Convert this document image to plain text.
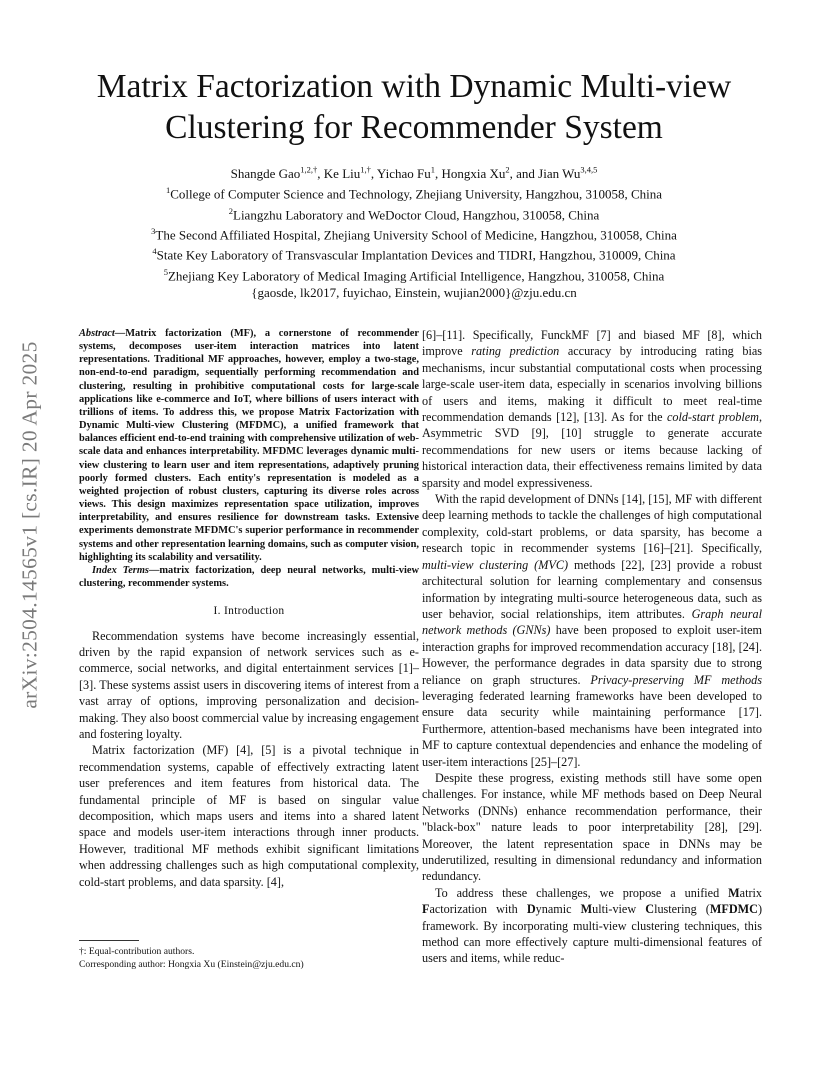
arXiv:2504.14565v1 [cs.IR] 20 Apr 2025
Matrix Factorization with Dynamic Multi-view
Clustering for Recommender System
Shangde Gao$^{1,2,\dagger}$, Ke Liu$^{1,\dagger}$, Yichao Fu$^1$, Hongxia Xu$^2$, and Jian Wu$^{3,4,5}$
$^1$College of Computer Science and Technology, Zhejiang University, Hangzhou, 310058, China
$^2$Liangzhu Laboratory and WeDoctor Cloud, Hangzhou, 310058, China
$^3$The Second Affiliated Hospital, Zhejiang University School of Medicine, Hangzhou, 310058, China
$^4$State Key Laboratory of Transvascular Implantation Devices and TIDRI, Hangzhou, 310009, China
$^5$Zhejiang Key Laboratory of Medical Imaging Artificial Intelligence, Hangzhou, 310058, China
{gaosde, lk2017, fuyichao, Einstein, wujian2000}@zju.edu.cn

Abstract—Matrix factorization (MF), a cornerstone of recommender systems, decomposes user-item interaction matrices into latent representations. Traditional MF approaches, however, employ a two-stage, non-end-to-end paradigm, sequentially performing recommendation and clustering, resulting in prohibitive computational costs for large-scale applications like e-commerce and IoT, where billions of users interact with trillions of items. To address this, we propose Matrix Factorization with Dynamic Multi-view Clustering (MFDMC), a unified framework that balances efficient end-to-end training with comprehensive utilization of web-scale data and enhances interpretability. MFDMC leverages dynamic multi-view clustering to learn user and item representations, adaptively pruning poorly formed clusters. Each entity's representation is modeled as a weighted projection of robust clusters, capturing its diverse roles across views. This design maximizes representation space utilization, improves interpretability, and ensures resilience for downstream tasks. Extensive experiments demonstrate MFDMC's superior performance in recommender systems and other representation learning domains, such as computer vision, highlighting its scalability and versatility.

Index Terms—matrix factorization, deep neural networks, multi-view clustering, recommender systems.

I. Introduction

Recommendation systems have become increasingly essential, driven by the rapid expansion of network services such as e-commerce, social networks, and digital entertainment services [1]–[3]. These systems assist users in discovering items of interest from a vast array of options, improving personalization and decision-making. They also boost commercial value by increasing engagement and fostering loyalty.

Matrix factorization (MF) [4], [5] is a pivotal technique in recommendation systems, capable of effectively extracting latent user preferences and item features from historical data. The fundamental principle of MF is based on singular value decomposition, which maps users and items into a shared latent space and models user-item interactions through inner products. However, traditional MF methods exhibit significant limitations when addressing challenges such as high computational complexity, cold-start problems, and data sparsity. [4],

†: Equal-contribution authors.
Corresponding author: Hongxia Xu (Einstein@zju.edu.cn)

[6]–[11]. Specifically, FunckMF [7] and biased MF [8], which improve rating prediction accuracy by introducing rating bias mechanisms, incur substantial computational costs when processing large-scale user-item data, especially in scenarios involving billions of users and items, making it difficult to meet real-time recommendation demands [12], [13]. As for the cold-start problem, Asymmetric SVD [9], [10] struggle to generate accurate recommendations for new users or items because lacking of historical interaction data, their effectiveness remains limited by data sparsity and model expressiveness.

With the rapid development of DNNs [14], [15], MF with different deep learning methods to tackle the challenges of high computational complexity, cold-start problems, or data sparsity, has become a research topic in recommender systems [16]–[21]. Specifically, multi-view clustering (MVC) methods [22], [23] provide a robust architectural solution for learning complementary and consensus information by integrating multi-source heterogeneous data, such as user behavior, social relationships, item attributes. Graph neural network methods (GNNs) have been proposed to exploit user-item interaction graphs for improved recommendation accuracy [18], [24]. However, the performance degrades in data sparsity due to strong reliance on graph structures. Privacy-preserving MF methods leveraging federated learning frameworks have been developed to ensure data security while maintaining performance [17]. Furthermore, attention-based mechanisms have been integrated into MF to capture contextual dependencies and enhance the modeling of user-item interactions [25]–[27].

Despite these progress, existing methods still have some open challenges. For instance, while MF methods based on Deep Neural Networks (DNNs) enhance recommendation performance, their "black-box" nature leads to poor interpretability [28], [29]. Moreover, the latent representation space in DNNs may be underutilized, resulting in dimensional redundancy and information redundancy.

To address these challenges, we propose a unified Matrix Factorization with Dynamic Multi-view Clustering (MFDMC) framework. By incorporating multi-view clustering techniques, this method can more effectively capture multi-dimensional features of users and items, while reduc-
